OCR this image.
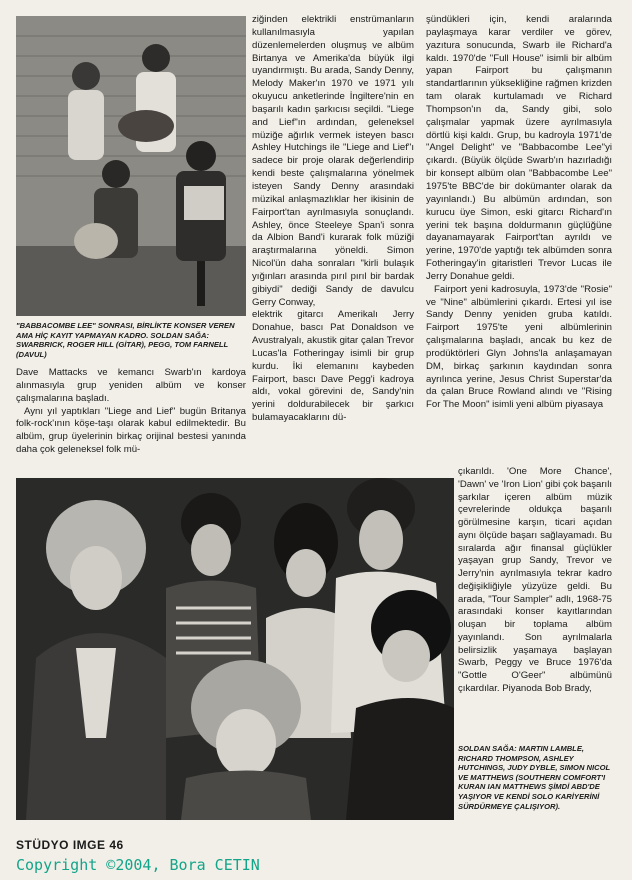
"BABBACOMBE LEE" SONRASI, BİRLİKTE KONSER VEREN AMA HİÇ KAYIT YAPMAYAN KADRO. SOLDAN SAĞA: SWARBRICK, ROGER HILL (GİTAR), PEGG, TOM FARNELL (DAVUL)

Dave Mattacks ve kemancı Swarb'ın kardoya alınmasıyla grup yeniden albüm ve konser çalışmalarına başladı.

Aynı yıl yaptıkları "Liege and Lief" bugün Britanya folk-rock'ının köşe-taşı olarak kabul edilmektedir. Bu albüm, grup üyelerinin birkaç orijinal bestesi yanında daha çok geleneksel folk mü-

ziğinden elektrikli enstrümanların kullanılmasıyla yapılan düzenlemelerden oluşmuş ve albüm Birtanya ve Amerika'da büyük ilgi uyandırmıştı. Bu arada, Sandy Denny, Melody Maker'ın 1970 ve 1971 yılı okuyucu anketlerinde İngiltere'nin en başarılı kadın şarkıcısı seçildi. "Liege and Lief"ın ardından, geleneksel müziğe ağırlık vermek isteyen bascı Ashley Hutchings ile "Liege and Lief"ı sadece bir proje olarak değerlendirip kendi beste çalışmalarına yönelmek isteyen Sandy Denny arasındaki müzikal anlaşmazlıklar her ikisinin de Fairport'tan ayrılmasıyla sonuçlandı. Ashley, önce Steeleye Span'i sonra da Albion Band'i kurarak folk müziği araştırmalarına yöneldi. Simon Nicol'ün daha sonraları "kirli bulaşık yığınları arasında pırıl pırıl bir bardak gibiydi" dediği Sandy de davulcu Gerry Conway,

elektrik gitarcı Amerikalı Jerry Donahue, bascı Pat Donaldson ve Avustralyalı, akustik gitar çalan Trevor Lucas'la Fotheringay isimli bir grup kurdu. İki elemanını kaybeden Fairport, bascı Dave Pegg'i kadroya aldı, vokal görevini de, Sandy'nin yerini doldurabilecek bir şarkıcı bulamayacaklarını dü-

şündükleri için, kendi aralarında paylaşmaya karar verdiler ve görev, yazıtura sonucunda, Swarb ile Richard'a kaldı. 1970'de "Full House" isimli bir albüm yapan Fairport bu çalışmanın standartlarının yüksekliğine rağmen krizden tam olarak kurtulamadı ve Richard Thompson'ın da, Sandy gibi, solo çalışmalar yapmak üzere ayrılmasıyla dörtlü kişi kaldı. Grup, bu kadroyla 1971'de "Angel Delight" ve "Babbacombe Lee"yi çıkardı. (Büyük ölçüde Swarb'ın hazırladığı bir konsept albüm olan "Babbacombe Lee" 1975'te BBC'de bir dokümanter olarak da yayınlandı.) Bu albümün ardından, son kurucu üye Simon, eski gitarcı Richard'ın yerini tek başına doldurmanın güçlüğüne dayanamayarak Fairport'tan ayrıldı ve yerine, 1970'de yaptığı tek albümden sonra Fotheringay'in gitaristleri Trevor Lucas ile Jerry Donahue geldi.

Fairport yeni kadrosuyla, 1973'de "Rosie" ve "Nine" albümlerini çıkardı. Ertesi yıl ise Sandy Denny yeniden gruba katıldı. Fairport 1975'te yeni albümlerinin çalışmalarına başladı, ancak bu kez de prodüktörleri Glyn Johns'la anlaşamayan DM, birkaç şarkının kaydından sonra ayrılınca yerine, Jesus Christ Superstar'da da çalan Bruce Rowland alındı ve "Rising For The Moon" isimli yeni albüm piyasaya

çıkarıldı. 'One More Chance', 'Dawn' ve 'Iron Lion' gibi çok başarılı şarkılar içeren albüm müzik çevrelerinde oldukça başarılı görülmesine karşın, ticari açıdan aynı ölçüde başarı sağlayamadı. Bu sıralarda ağır finansal güçlükler yaşayan grup Sandy, Trevor ve Jerry'nin ayrılmasıyla tekrar kadro değişikliğiyle yüzyüze geldi. Bu arada, "Tour Sampler" adlı, 1968-75 arasındaki konser kayıtlarından oluşan bir toplama albüm yayınlandı. Son ayrılmalarla belirsizlik yaşamaya başlayan Swarb, Peggy ve Bruce 1976'da "Gottle O'Geer" albümünü çıkardılar. Piyanoda Bob Brady,

SOLDAN SAĞA: MARTIN LAMBLE, RICHARD THOMPSON, ASHLEY HUTCHINGS, JUDY DYBLE, SIMON NICOL VE MATTHEWS (SOUTHERN COMFORT'I KURAN IAN MATTHEWS ŞİMDİ ABD'DE YAŞIYOR VE KENDİ SOLO KARİYERİNİ SÜRDÜRMEYE ÇALIŞIYOR).
STÜDYO IMGE 46
Copyright ©2004, Bora CETIN
